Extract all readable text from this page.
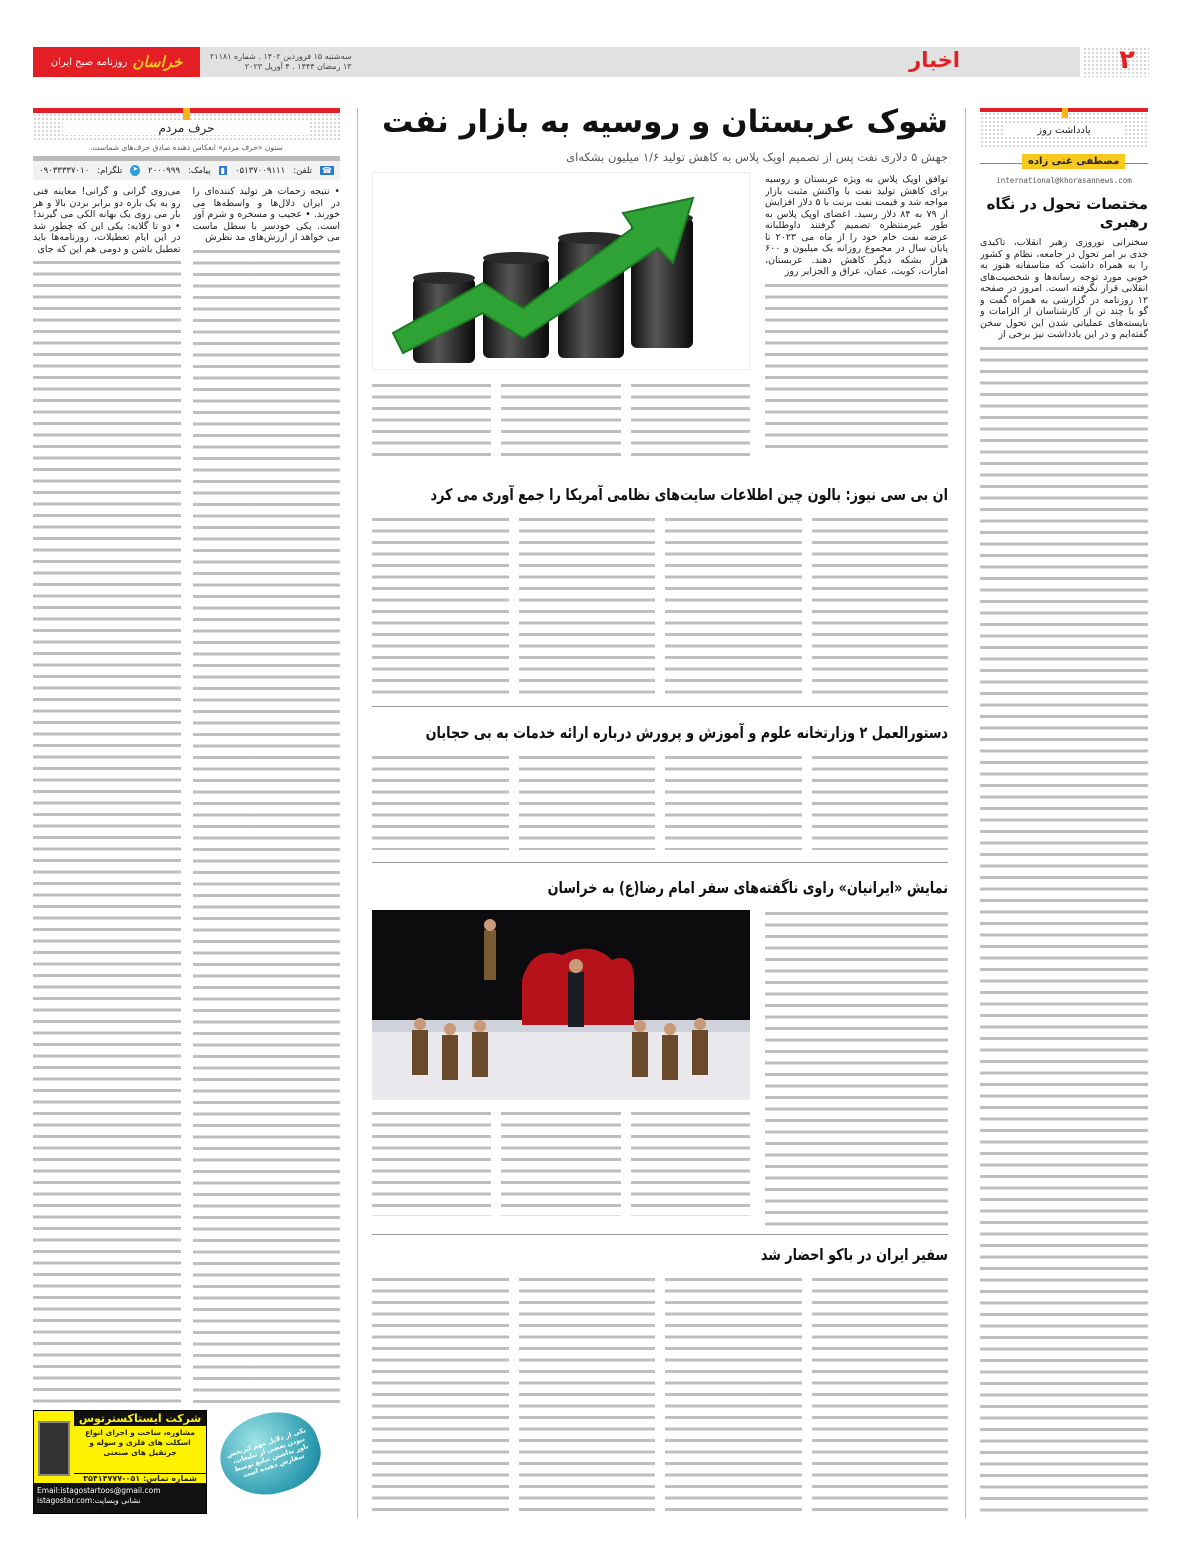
۲
اخبار
سه‌شنبه ۱۵ فروردین ۱۴۰۲ . شماره ۲۱۱۸۱
۱۳ رمضان ۱۴۴۴ . ۴ آوریل ۲۰۲۳
خراسان
روزنامه صبح ایران
یادداشت روز
مصطفی غنی زاده
international@khorasannews.com
مختصات تحول در نگاه رهبری
سخنرانی نوروزی رهبر انقلاب، تاکیدی جدی بر امر تحول در جامعه، نظام و کشور را به همراه داشت که متاسفانه هنوز به خوبی مورد توجه رسانه‌ها و شخصیت‌های انقلابی قرار نگرفته است. امروز در صفحه ۱۲ روزنامه در گزارشی به همراه گفت و گو با چند تن از کارشناسان از الزامات و بایسته‌های عملیاتی شدن این تحول سخن گفته‌ایم و در این یادداشت نیز برخی از
شوک عربستان و روسیه به بازار نفت
جهش ۵ دلاری نفت پس از تصمیم اوپک پلاس به کاهش تولید ۱/۶ میلیون بشکه‌ای
توافق اوپک پلاس به ویژه عربستان و روسیه برای کاهش تولید نفت با واکنش مثبت بازار مواجه شد و قیمت نفت برنت با ۵ دلار افزایش از ۷۹ به ۸۴ دلار رسید. اعضای اوپک پلاس به طور غیرمنتظره تصمیم گرفتند داوطلبانه عرضه نفت خام خود را از ماه می ۲۰۲۳ تا پایان سال در مجموع روزانه یک میلیون و ۶۰۰ هزار بشکه دیگر کاهش دهند. عربستان، امارات، کویت، عمان، عراق و الجزایر روز
ان بی سی نیوز: بالون چین اطلاعات سایت‌های نظامی آمریکا را جمع آوری می کرد
دستورالعمل ۲ وزارتخانه علوم و آموزش و پرورش درباره ارائه خدمات به بی حجابان
نمایش «ایرانیان» راوی ناگفته‌های سفر امام رضا(ع) به خراسان
سفیر ایران در باکو احضار شد
حرف مردم
ستون «حرف مردم» انعکاس دهنده صادق حرف‌های شماست.
☎
تلفن:
۰۵۱۳۷۰۰۹۱۱۱
▮
پیامک:
۲۰۰۰۹۹۹
➤
تلگرام:
۰۹۰۳۳۳۳۷۰۱۰
• نتیجه زحمات هر تولید کننده‌ای را در ایران دلال‌ها و واسطه‌ها می خورند. • عجیب و مسخره و شرم آور است. یکی خودسر با سطل ماست می خواهد از ارزش‌های مد نظرش
می‌روی گرانی و گرانی! معاینه فنی رو به یک باره دو برابر بردن بالا و هر بار می روی یک بهانه الکی می گیرند! • دو تا گلایه: یکی این که چطور شد در این ایام تعطیلات، روزنامه‌ها باید تعطیل باشن و دومی هم این که جای
شرکت ایستاکسترتوس
مشاوره، ساخت و اجرای انواع
اسکلت های فلزی و سوله و
جرثقیل های صنعتی
شماره تماس: ۰۵۱-۳۵۴۱۴۷۷۷
Email:istagostartoos@gmail.com
istagostar.com:نشانی وبسایت
یکی از دلایل مهم اثربخش نبودن بعضی از تبلیغات، باور نداشتن تبلیغ توسط سفارش دهنده است
